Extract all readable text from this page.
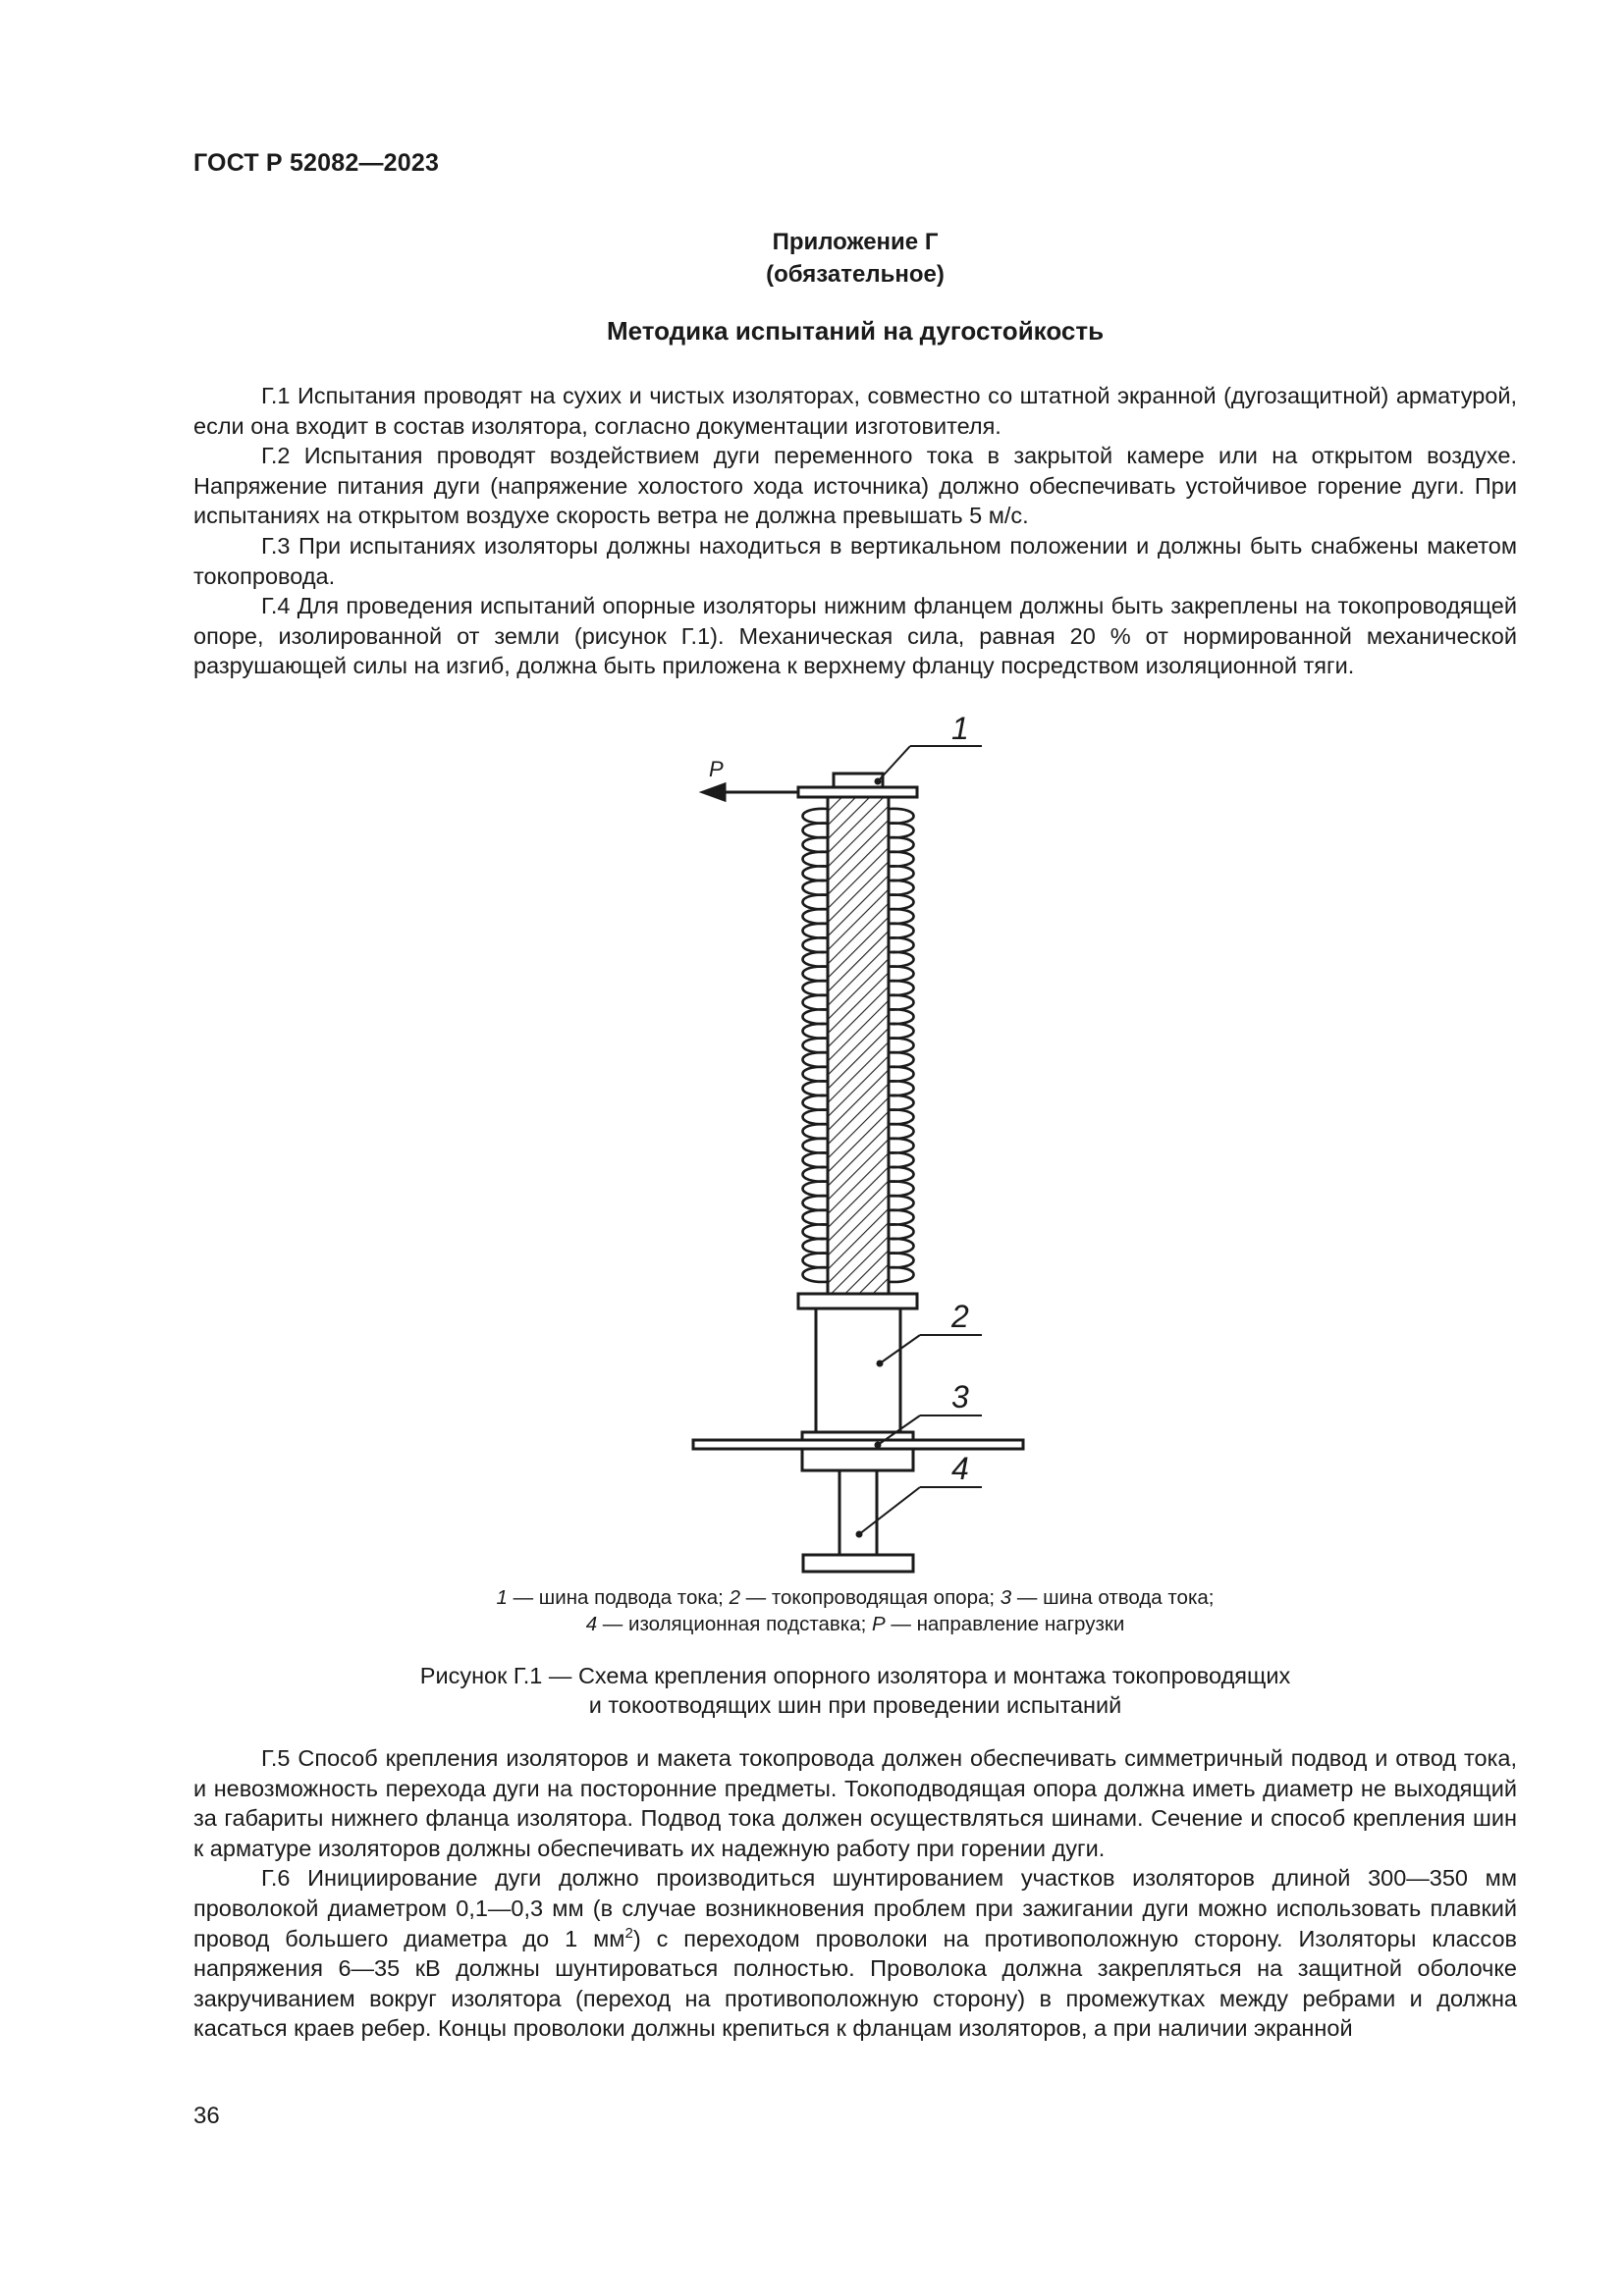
ГОСТ Р 52082—2023
Приложение Г
(обязательное)
Методика испытаний на дугостойкость

Г.1 Испытания проводят на сухих и чистых изоляторах, совместно со штатной экранной (дугозащитной) арматурой, если она входит в состав изолятора, согласно документации изготовителя.

Г.2 Испытания проводят воздействием дуги переменного тока в закрытой камере или на открытом воздухе. Напряжение питания дуги (напряжение холостого хода источника) должно обеспечивать устойчивое горение дуги. При испытаниях на открытом воздухе скорость ветра не должна превышать 5 м/с.

Г.3 При испытаниях изоляторы должны находиться в вертикальном положении и должны быть снабжены макетом токопровода.

Г.4 Для проведения испытаний опорные изоляторы нижним фланцем должны быть закреплены на токопроводящей опоре, изолированной от земли (рисунок Г.1). Механическая сила, равная 20 % от нормированной механической разрушающей силы на изгиб, должна быть приложена к верхнему фланцу посредством изоляционной тяги.

P
1
2
3
4
1 — шина подвода тока; 2 — токопроводящая опора; 3 — шина отвода тока;
4 — изоляционная подставка; P — направление нагрузки
Рисунок Г.1 — Схема крепления опорного изолятора и монтажа токопроводящих
и токоотводящих шин при проведении испытаний

Г.5 Способ крепления изоляторов и макета токопровода должен обеспечивать симметричный подвод и отвод тока, и невозможность перехода дуги на посторонние предметы. Токоподводящая опора должна иметь диаметр не выходящий за габариты нижнего фланца изолятора. Подвод тока должен осуществляться шинами. Сечение и способ крепления шин к арматуре изоляторов должны обеспечивать их надежную работу при горении дуги.

Г.6 Инициирование дуги должно производиться шунтированием участков изоляторов длиной 300—350 мм проволокой диаметром 0,1—0,3 мм (в случае возникновения проблем при зажигании дуги можно использовать плавкий провод большего диаметра до 1 $мм^2$) с переходом проволоки на противоположную сторону. Изоляторы классов напряжения 6—35 кВ должны шунтироваться полностью. Проволока должна закрепляться на защитной оболочке закручиванием вокруг изолятора (переход на противоположную сторону) в промежутках между ребрами и должна касаться краев ребер. Концы проволоки должны крепиться к фланцам изоляторов, а при наличии экранной

36
